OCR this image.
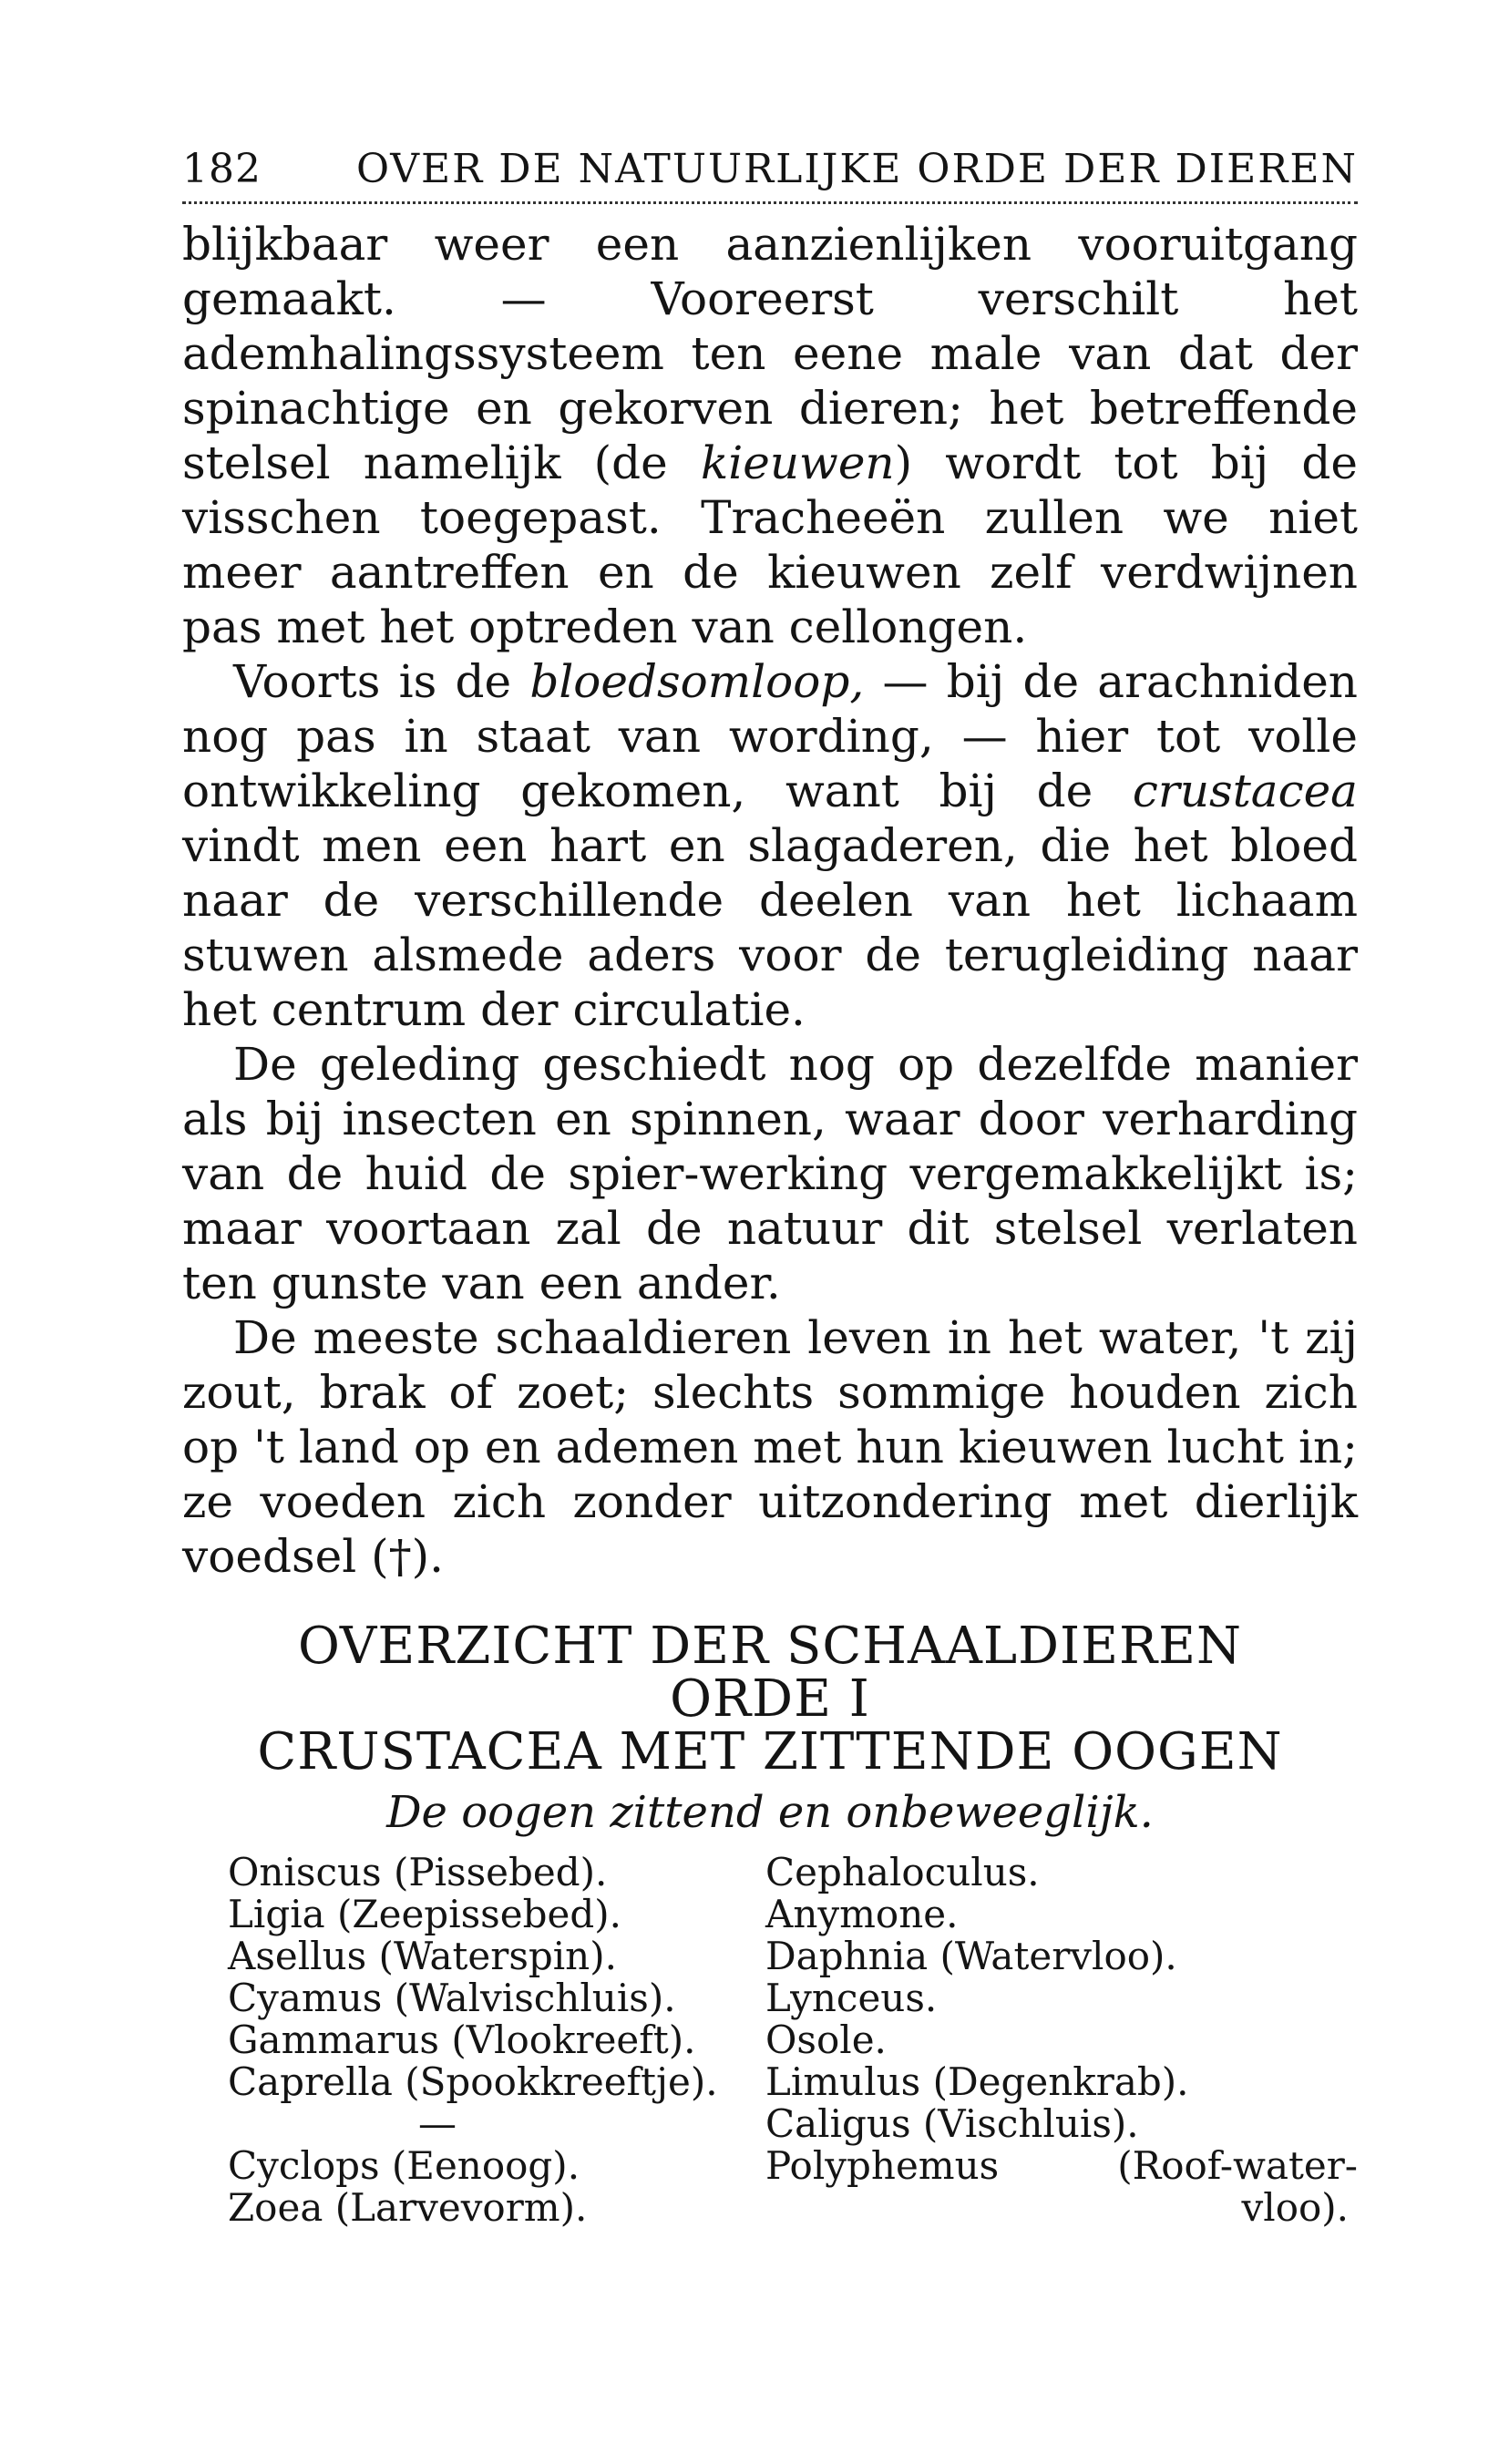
182 OVER DE NATUURLIJKE ORDE DER DIEREN

blijkbaar weer een aanzienlijken vooruitgang gemaakt. — Vooreerst verschilt het ademhalingssysteem ten eene male van dat der spinachtige en gekorven dieren; het betreffende stelsel namelijk (de kieuwen) wordt tot bij de visschen toegepast. Tracheeën zullen we niet meer aantreffen en de kieuwen zelf verdwijnen pas met het optreden van cellongen.

Voorts is de bloedsomloop, — bij de arachniden nog pas in staat van wording, — hier tot volle ontwikkeling gekomen, want bij de crustacea vindt men een hart en slagaderen, die het bloed naar de verschillende deelen van het lichaam stuwen alsmede aders voor de terugleiding naar het centrum der circulatie.

De geleding geschiedt nog op dezelfde manier als bij insecten en spinnen, waar door verharding van de huid de spier-werking vergemakkelijkt is; maar voortaan zal de natuur dit stelsel verlaten ten gunste van een ander.

De meeste schaaldieren leven in het water, 't zij zout, brak of zoet; slechts sommige houden zich op 't land op en ademen met hun kieuwen lucht in; ze voeden zich zonder uitzondering met dierlijk voedsel (†).

OVERZICHT DER SCHAALDIEREN
ORDE I
CRUSTACEA MET ZITTENDE OOGEN
De oogen zittend en onbeweeglijk.
Oniscus (Pissebed).
Ligia (Zeepissebed).
Asellus (Waterspin).
Cyamus (Walvischluis).
Gammarus (Vlookreeft).
Caprella (Spookkreeftje).
—
Cyclops (Eenoog).
Zoea (Larvevorm).
Cephaloculus.
Anymone.
Daphnia (Watervloo).
Lynceus.
Osole.
Limulus (Degenkrab).
Caligus (Vischluis).
Polyphemus	(Roof-water-
vloo).
